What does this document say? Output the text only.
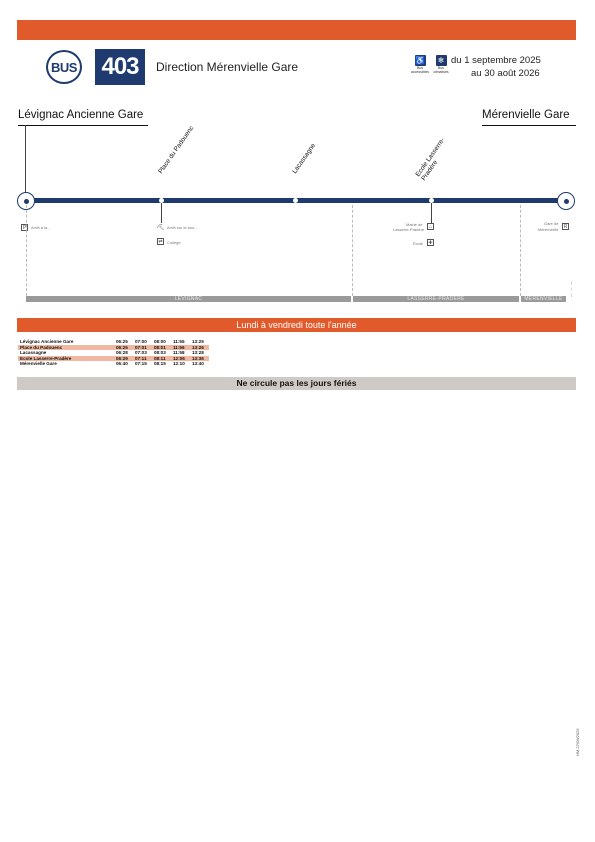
BUS 403	Direction Mérenvielle Gare	♿
Bus accessibles
❄
Bus climatisés
du 1 septembre 2025
au 30 août 2026
Lévignac Ancienne Gare	Mérenvielle Gare
Place du Padouenc	Lacassagne	Ecole Lasserre-Pradère
P	Arrêt à la...	⛏ Arrêt sur le bus...
⇄	Collège
Mairie de
Lasserre-Pradère ⌂
École ✚
Gare de
Mérenvielle	R
|
|
|
LÉVIGNAC	LASSERRE-PRADÈRE	MÉRENVIELLE
Lundi à vendredi toute l'année
Lévignac Ancienne Gare	06:25	07:00	08:00	11:55	13:25
Place du Padouenc	06:25	07:01	08:01	11:56	13:26
Lacassagne	06:28	07:03	08:03	11:58	13:28
Ecole Lasserre-Pradère	06:29	07:11	08:11	12:06	13:36
Mérenvielle Gare	06:40	07:15	08:15	12:10	13:40
Ne circule pas les jours fériés
HM-27/06/2025
